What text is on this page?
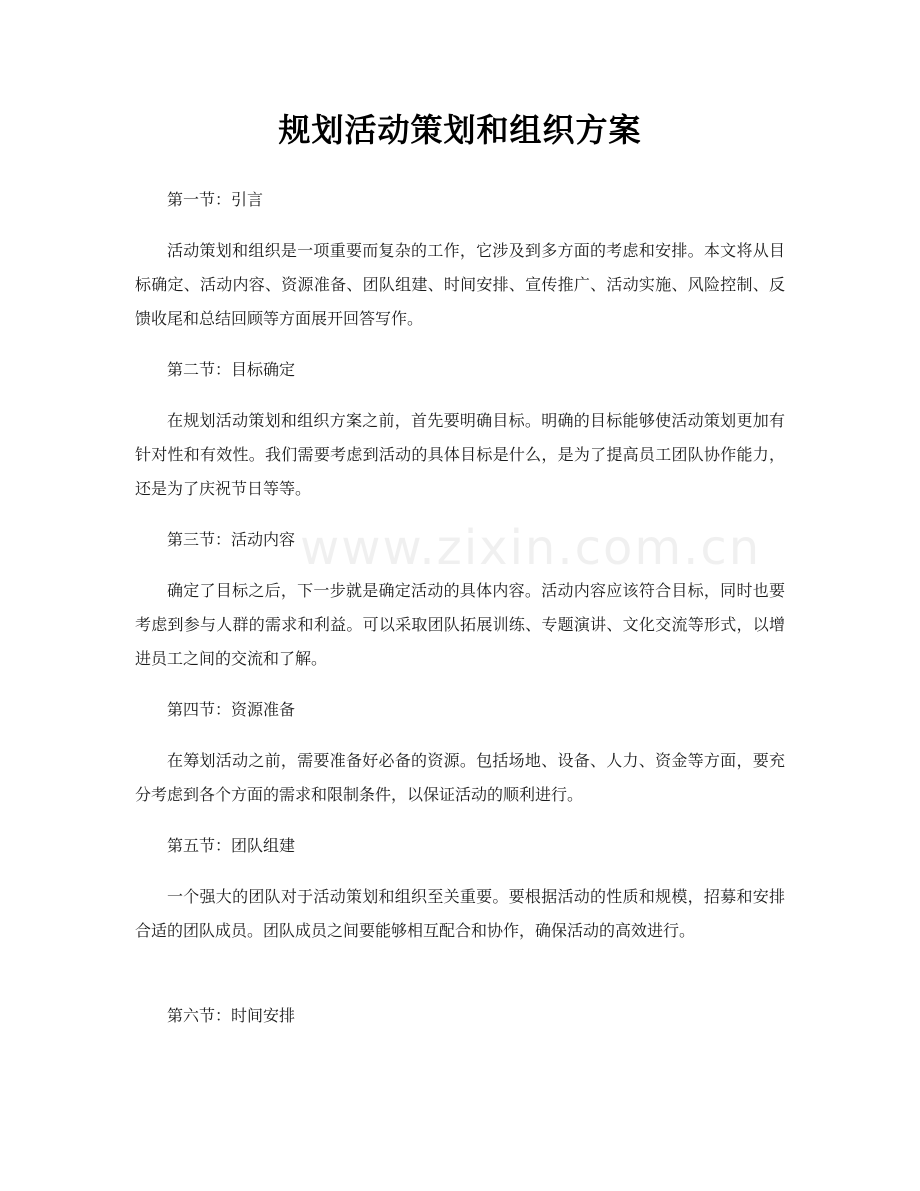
www.zixin.com.cn
规划活动策划和组织方案

第一节：引言

活动策划和组织是一项重要而复杂的工作，它涉及到多方面的考虑和安排。本文将从目标确定、活动内容、资源准备、团队组建、时间安排、宣传推广、活动实施、风险控制、反馈收尾和总结回顾等方面展开回答写作。

第二节：目标确定

在规划活动策划和组织方案之前，首先要明确目标。明确的目标能够使活动策划更加有针对性和有效性。我们需要考虑到活动的具体目标是什么，是为了提高员工团队协作能力，还是为了庆祝节日等等。

第三节：活动内容

确定了目标之后，下一步就是确定活动的具体内容。活动内容应该符合目标，同时也要考虑到参与人群的需求和利益。可以采取团队拓展训练、专题演讲、文化交流等形式，以增进员工之间的交流和了解。

第四节：资源准备

在筹划活动之前，需要准备好必备的资源。包括场地、设备、人力、资金等方面，要充分考虑到各个方面的需求和限制条件，以保证活动的顺利进行。

第五节：团队组建

一个强大的团队对于活动策划和组织至关重要。要根据活动的性质和规模，招募和安排合适的团队成员。团队成员之间要能够相互配合和协作，确保活动的高效进行。

第六节：时间安排
